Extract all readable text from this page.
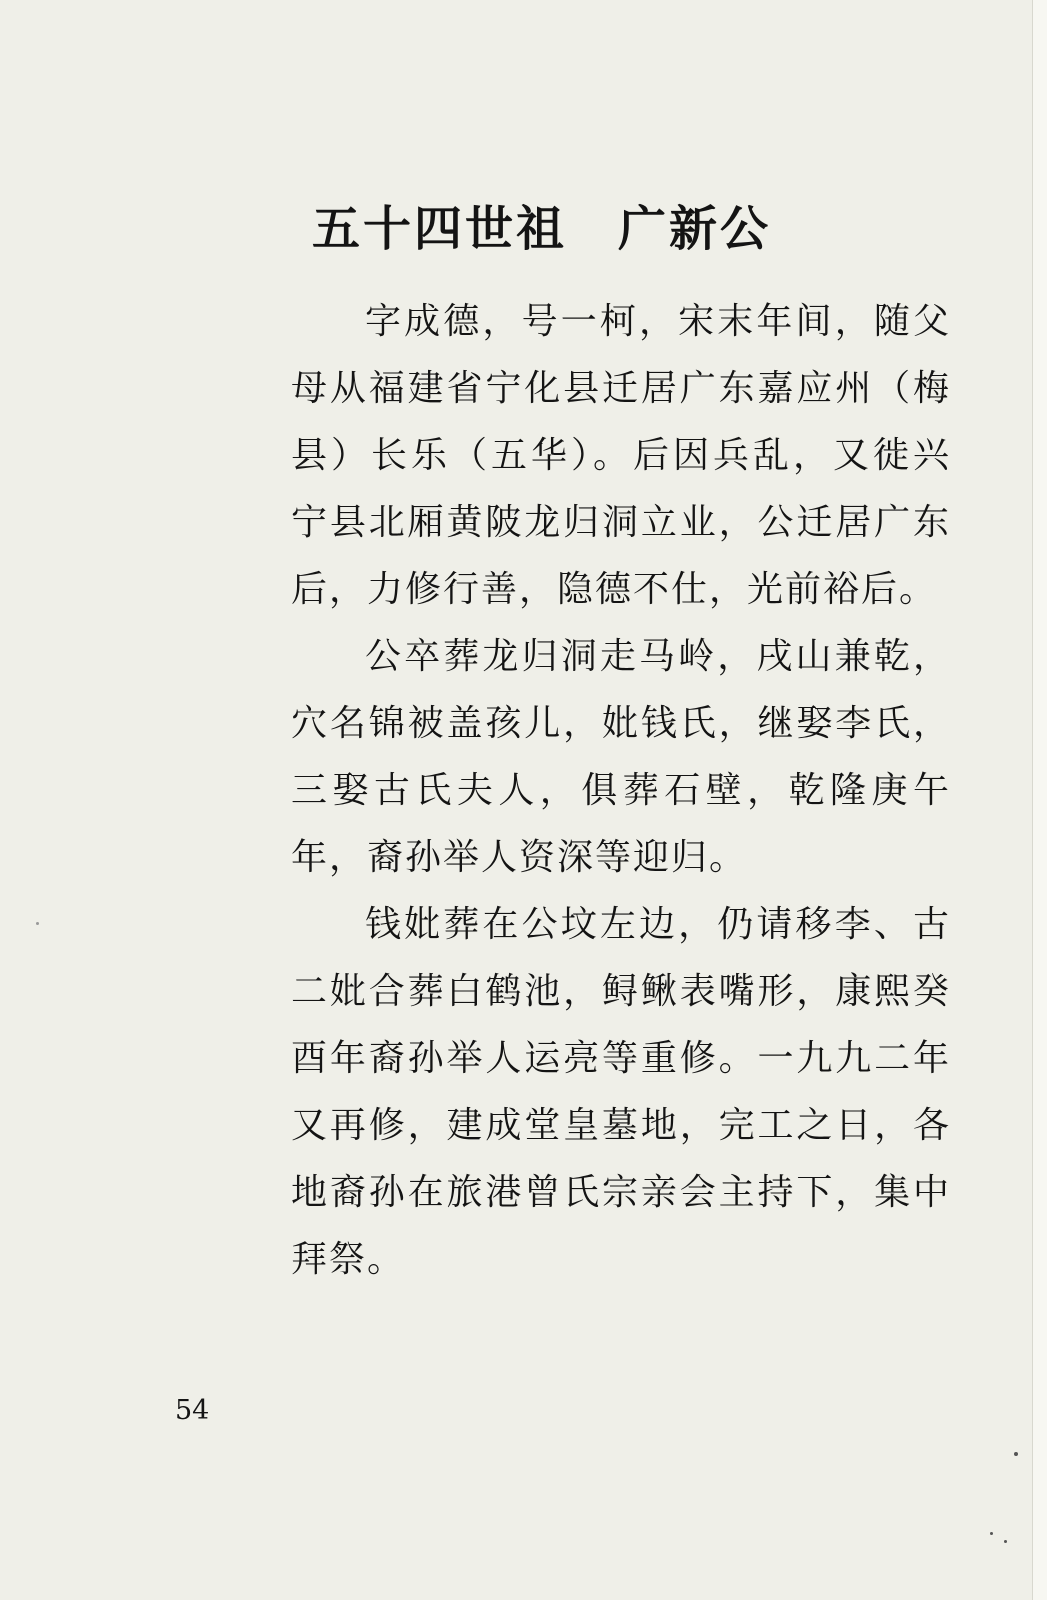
五十四世祖　广新公

字成德，号一柯，宋末年间，随父母从福建省宁化县迁居广东嘉应州（梅县）长乐（五华）。后因兵乱，又徙兴宁县北厢黄陂龙归洞立业，公迁居广东后，力修行善，隐德不仕，光前裕后。

公卒葬龙归洞走马岭，戌山兼乾，穴名锦被盖孩儿，妣钱氏，继娶李氏，三娶古氏夫人，俱葬石壁，乾隆庚午年，裔孙举人资深等迎归。

钱妣葬在公坟左边，仍请移李、古二妣合葬白鹤池，鲟鳅表嘴形，康熙癸酉年裔孙举人运亮等重修。一九九二年又再修，建成堂皇墓地，完工之日，各地裔孙在旅港曾氏宗亲会主持下，集中拜祭。

54
